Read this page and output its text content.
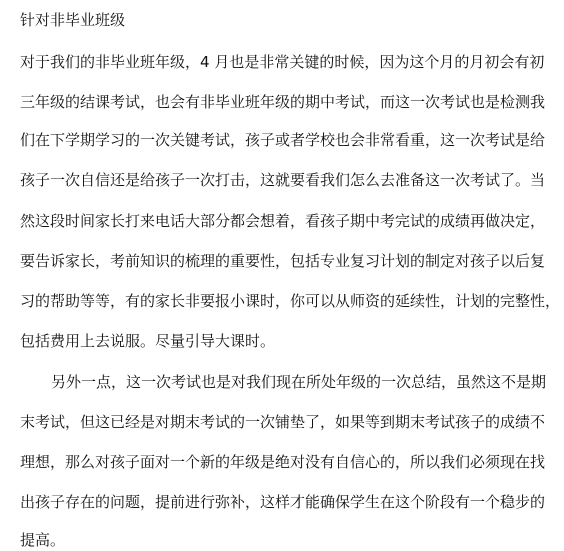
针对非毕业班级
对于我们的非毕业班年级，4 月也是非常关键的时候，因为这个月的月初会有初
三年级的结课考试，也会有非毕业班年级的期中考试，而这一次考试也是检测我
们在下学期学习的一次关键考试，孩子或者学校也会非常看重，这一次考试是给
孩子一次自信还是给孩子一次打击，这就要看我们怎么去准备这一次考试了。当
然这段时间家长打来电话大部分都会想着，看孩子期中考完试的成绩再做决定，
要告诉家长，考前知识的梳理的重要性，包括专业复习计划的制定对孩子以后复
习的帮助等等，有的家长非要报小课时，你可以从师资的延续性，计划的完整性，
包括费用上去说服。尽量引导大课时。
另外一点，这一次考试也是对我们现在所处年级的一次总结，虽然这不是期
末考试，但这已经是对期末考试的一次铺垫了，如果等到期末考试孩子的成绩不
理想，那么对孩子面对一个新的年级是绝对没有自信心的，所以我们必须现在找
出孩子存在的问题，提前进行弥补，这样才能确保学生在这个阶段有一个稳步的
提高。
